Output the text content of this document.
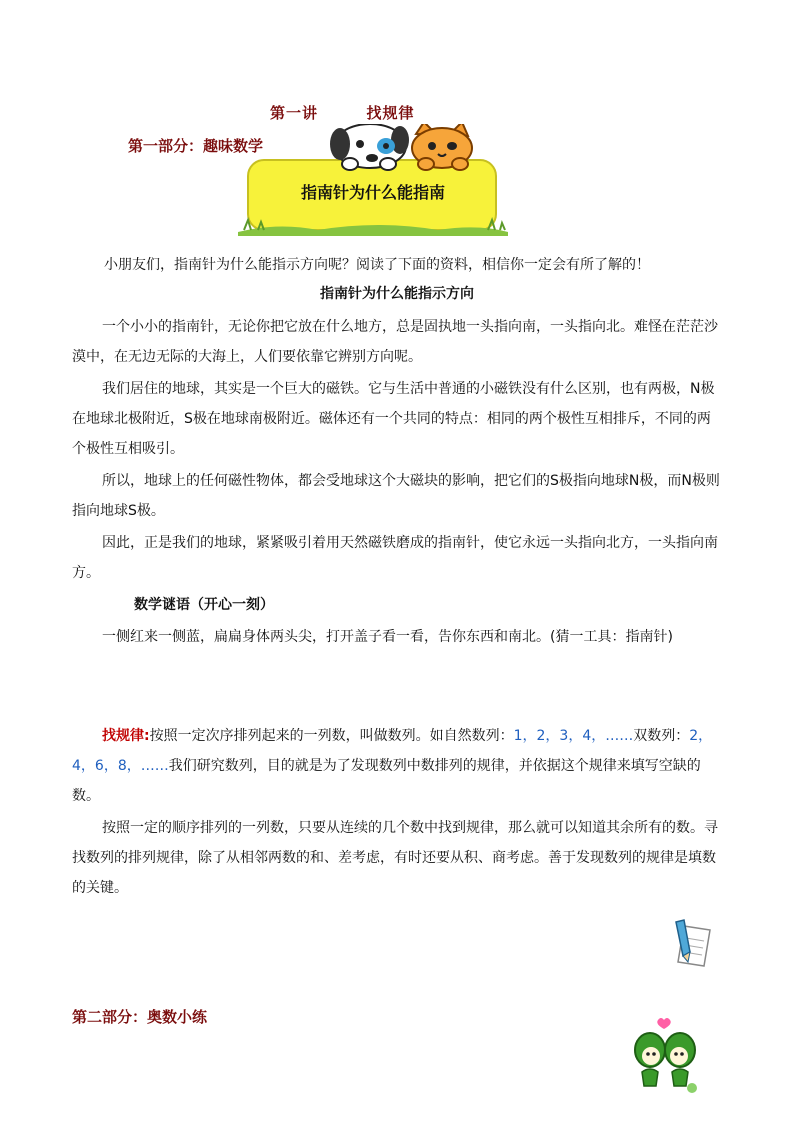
第一讲	找规律
第一部分：趣味数学
指南针为什么能指南
小朋友们，指南针为什么能指示方向呢？阅读了下面的资料，相信你一定会有所了解的！
指南针为什么能指示方向
一个小小的指南针，无论你把它放在什么地方，总是固执地一头指向南，一头指向北。难怪在茫茫沙漠中，在无边无际的大海上，人们要依靠它辨别方向呢。
我们居住的地球，其实是一个巨大的磁铁。它与生活中普通的小磁铁没有什么区别，也有两极，N极在地球北极附近，S极在地球南极附近。磁体还有一个共同的特点：相同的两个极性互相排斥，不同的两个极性互相吸引。
所以，地球上的任何磁性物体，都会受地球这个大磁块的影响，把它们的S极指向地球N极，而N极则指向地球S极。
因此，正是我们的地球，紧紧吸引着用天然磁铁磨成的指南针，使它永远一头指向北方，一头指向南方。
数学谜语（开心一刻）
一侧红来一侧蓝，扁扁身体两头尖，打开盖子看一看，告你东西和南北。(猜一工具：指南针)
找规律:按照一定次序排列起来的一列数，叫做数列。如自然数列：1，2，3，4，……双数列：2，4，6，8，……我们研究数列，目的就是为了发现数列中数排列的规律，并依据这个规律来填写空缺的数。
按照一定的顺序排列的一列数，只要从连续的几个数中找到规律，那么就可以知道其余所有的数。寻找数列的排列规律，除了从相邻两数的和、差考虑，有时还要从积、商考虑。善于发现数列的规律是填数的关键。
第二部分：奥数小练
